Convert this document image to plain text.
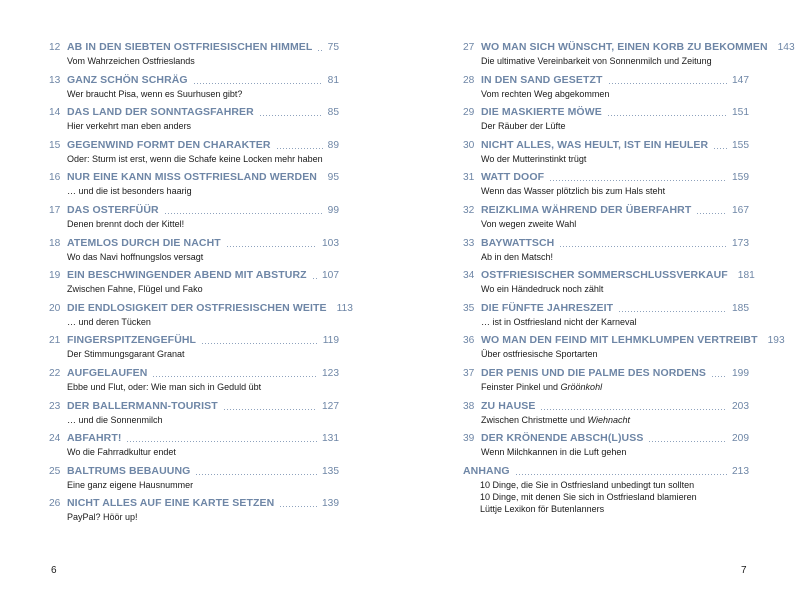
12 AB IN DEN SIEBTEN OSTFRIESISCHEN HIMMEL 75
Vom Wahrzeichen Ostfrieslands
13 GANZ SCHÖN SCHRÄG	81
Wer braucht Pisa, wenn es Suurhusen gibt?
14 DAS LAND DER SONNTAGSFAHRER	85
Hier verkehrt man eben anders
15 GEGENWIND FORMT DEN CHARAKTER	89
Oder: Sturm ist erst, wenn die Schafe keine Locken mehr haben
16 NUR EINE KANN MISS OSTFRIESLAND WERDEN 95
… und die ist besonders haarig
17 DAS OSTERFÜÜR	99
Denen brennt doch der Kittel!
18 ATEMLOS DURCH DIE NACHT	103
Wo das Navi hoffnungslos versagt
19 EIN BESCHWINGENDER ABEND MIT ABSTURZ 107
Zwischen Fahne, Flügel und Fako
20 DIE ENDLOSIGKEIT DER OSTFRIESISCHEN WEITE 113
… und deren Tücken
21 FINGERSPITZENGEFÜHL	119
Der Stimmungsgarant Granat
22 AUFGELAUFEN	123
Ebbe und Flut, oder: Wie man sich in Geduld übt
23 DER BALLERMANN-TOURIST	127
… und die Sonnenmilch
24 ABFAHRT!	131
Wo die Fahrradkultur endet
25 BALTRUMS BEBAUUNG	135
Eine ganz eigene Hausnummer
26 NICHT ALLES AUF EINE KARTE SETZEN	139
PayPal? Höör up!
27 WO MAN SICH WÜNSCHT, EINEN KORB ZU BEKOMMEN 143
Die ultimative Vereinbarkeit von Sonnenmilch und Zeitung
28 IN DEN SAND GESETZT	147
Vom rechten Weg abgekommen
29 DIE MASKIERTE MÖWE	151
Der Räuber der Lüfte
30 NICHT ALLES, WAS HEULT, IST EIN HEULER 155
Wo der Mutterinstinkt trügt
31 WATT DOOF	159
Wenn das Wasser plötzlich bis zum Hals steht
32 REIZKLIMA WÄHREND DER ÜBERFAHRT	167
Von wegen zweite Wahl
33 BAYWATTSCH	173
Ab in den Matsch!
34 OSTFRIESISCHER SOMMERSCHLUSSVERKAUF 181
Wo ein Händedruck noch zählt
35 DIE FÜNFTE JAHRESZEIT	185
… ist in Ostfriesland nicht der Karneval
36 WO MAN DEN FEIND MIT LEHMKLUMPEN VERTREIBT 193
Über ostfriesische Sportarten
37 DER PENIS UND DIE PALME DES NORDENS	199
Feinster Pinkel und Gröönkohl
38 ZU HAUSE	203
Zwischen Christmette und Wiehnacht
39 DER KRÖNENDE ABSCH(L)USS	209
Wenn Milchkannen in die Luft gehen
ANHANG	213
10 Dinge, die Sie in Ostfriesland unbedingt tun sollten
10 Dinge, mit denen Sie sich in Ostfriesland blamieren
Lüttje Lexikon för Butenlanners
6	7
